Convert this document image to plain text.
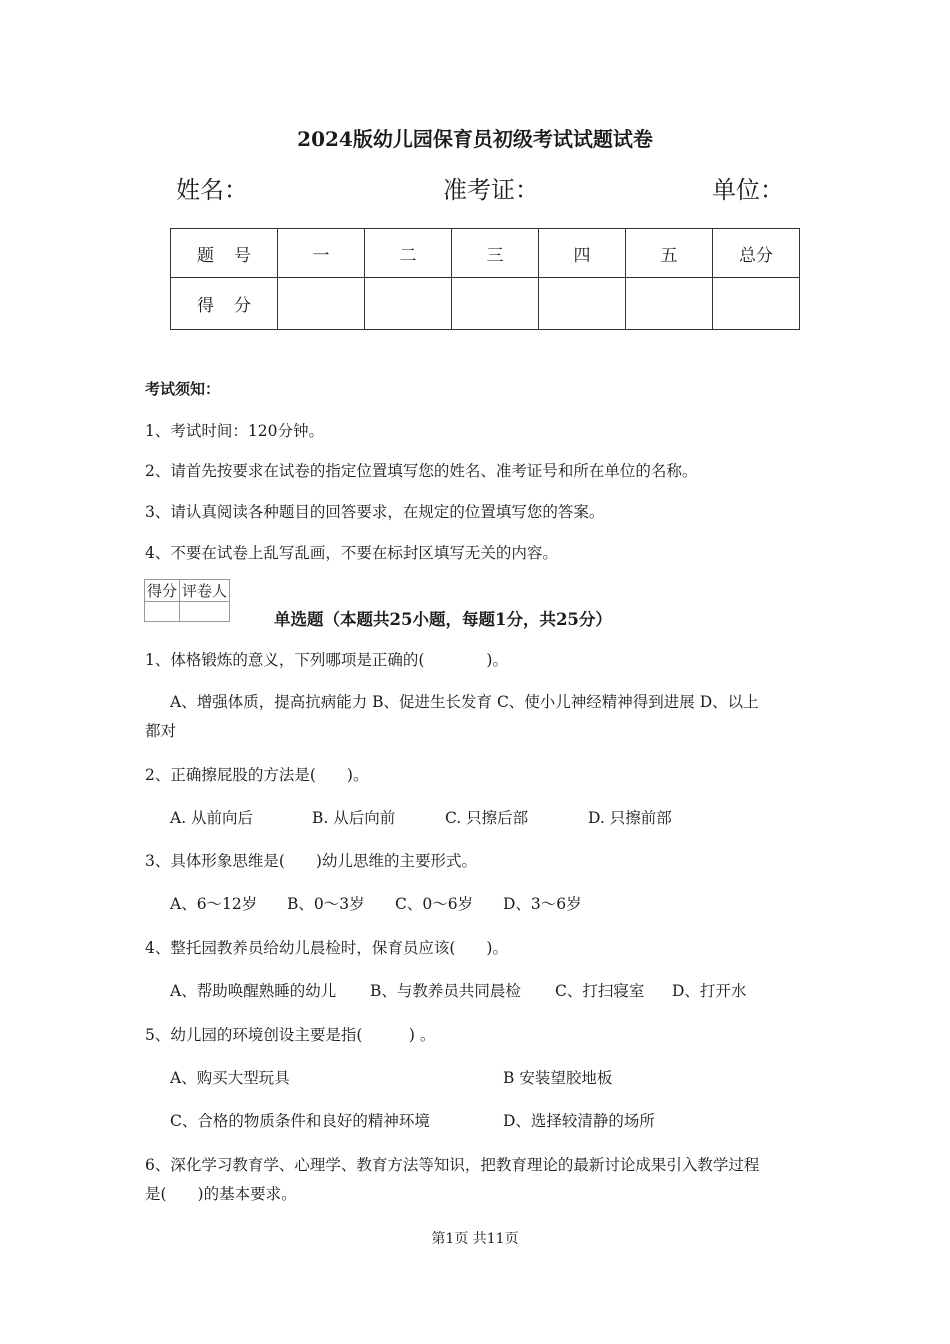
2024版幼儿园保育员初级考试试题试卷
姓名：	准考证：	单位：
题号	一	二	三	四	五	总分
得分						
考试须知：
1、考试时间：120分钟。
2、请首先按要求在试卷的指定位置填写您的姓名、准考证号和所在单位的名称。
3、请认真阅读各种题目的回答要求，在规定的位置填写您的答案。
4、不要在试卷上乱写乱画，不要在标封区填写无关的内容。
得分	评卷人

单选题（本题共25小题，每题1分，共25分）
1、体格锻炼的意义，下列哪项是正确的(　　　　)。
A、增强体质，提高抗病能力 B、促进生长发育 C、使小儿神经精神得到进展 D、以上
都对
2、正确擦屁股的方法是(　　)。
A. 从前向后	B. 从后向前	C. 只擦后部	D. 只擦前部
3、具体形象思维是(　　)幼儿思维的主要形式。
A、6～12岁 B、0～3岁 C、0～6岁 D、3～6岁
4、整托园教养员给幼儿晨检时，保育员应该(　　)。
A、帮助唤醒熟睡的幼儿 B、与教养员共同晨检 C、打扫寝室 D、打开水
5、幼儿园的环境创设主要是指(　　　) 。
A、购买大型玩具	B 安装望胶地板
C、合格的物质条件和良好的精神环境	D、选择较清静的场所
6、深化学习教育学、心理学、教育方法等知识，把教育理论的最新讨论成果引入教学过程
是(　　)的基本要求。
第1页 共11页
